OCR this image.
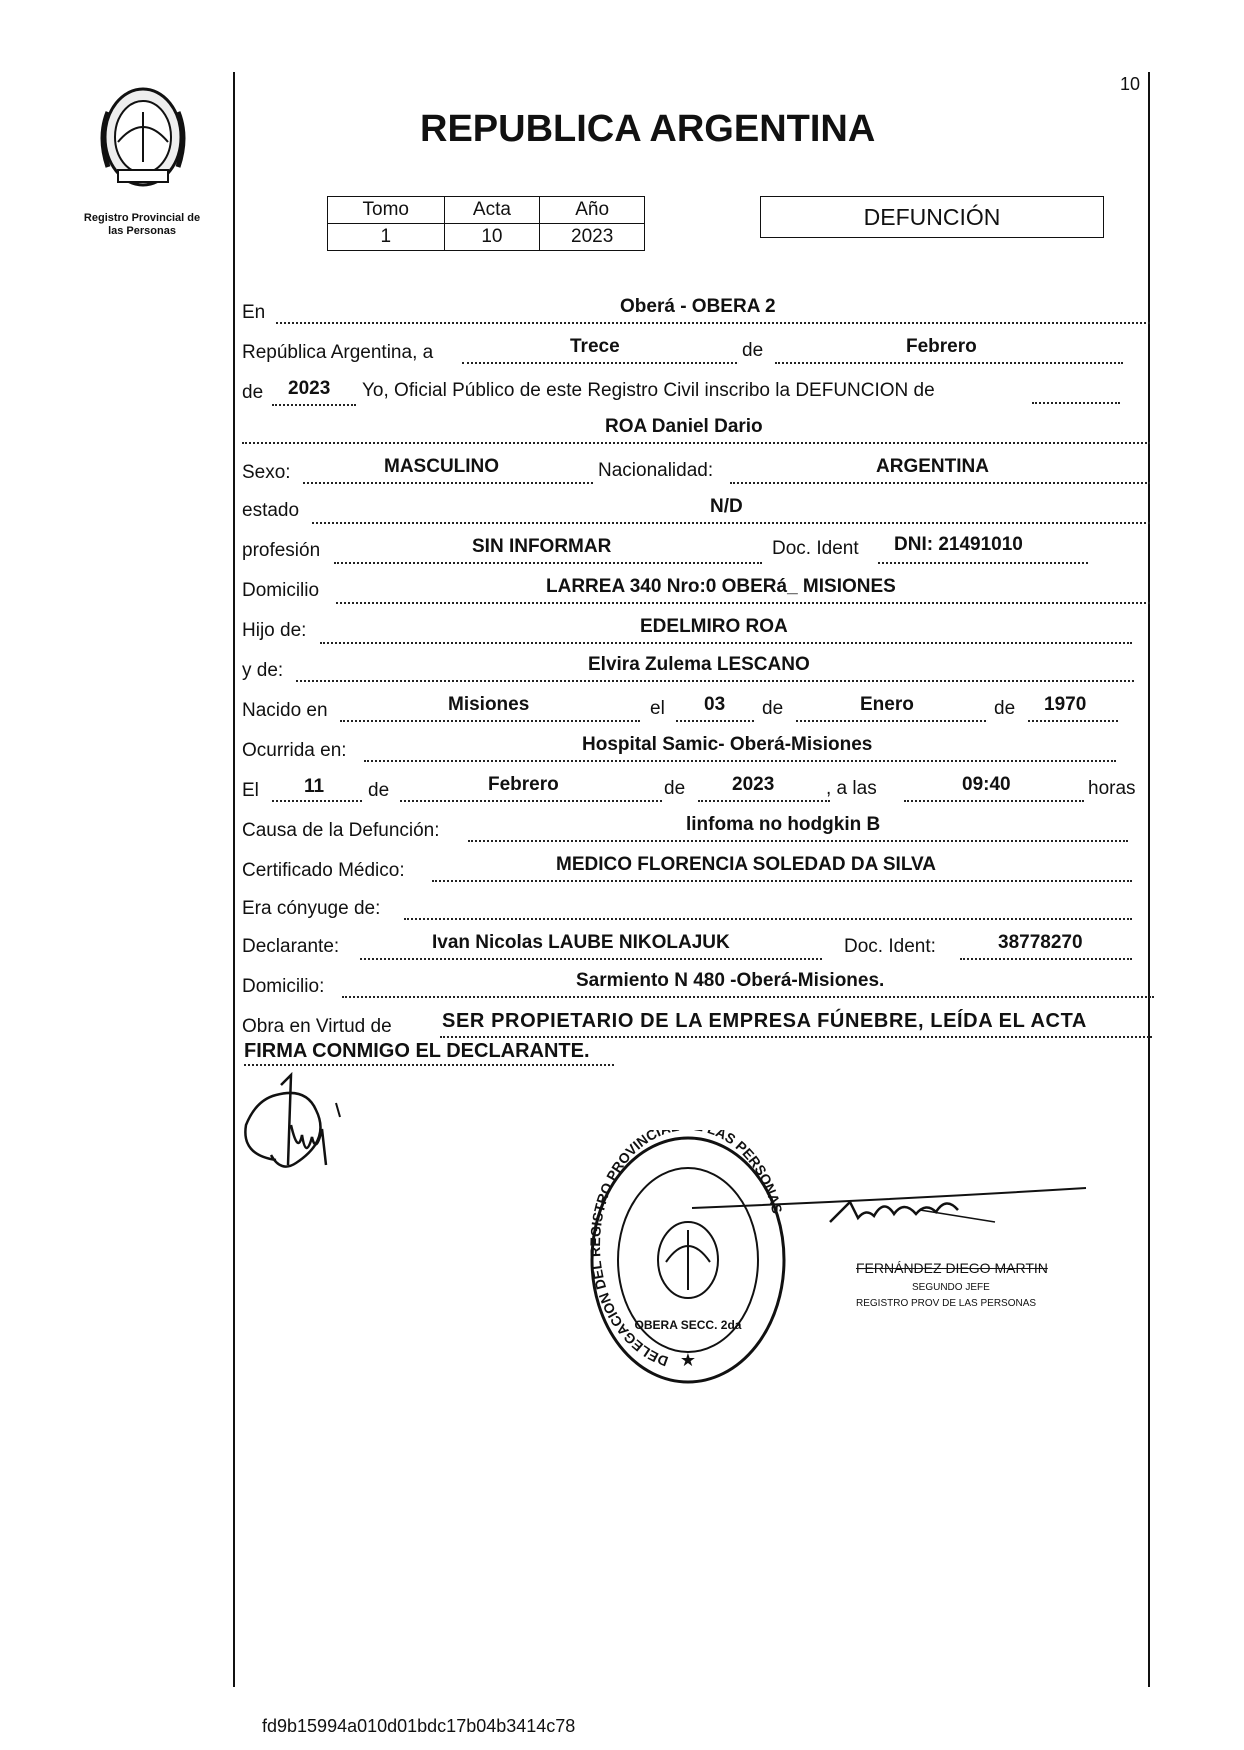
Registro Provincial de
las Personas
10
REPUBLICA ARGENTINA
Tomo	Acta	Año
1	10	2023
DEFUNCIÓN
En	Oberá - OBERA 2
República Argentina, a	Trece	de	Febrero
de 2023 Yo, Oficial Público de este Registro Civil inscribo la DEFUNCION de
ROA Daniel Dario
Sexo:	MASCULINO	Nacionalidad:	ARGENTINA
estado	N/D
profesión	SIN INFORMAR	Doc. Ident DNI: 21491010
Domicilio	LARREA 340 Nro:0 OBERá_ MISIONES
Hijo de:	EDELMIRO ROA
y de:	Elvira Zulema LESCANO
Nacido en	Misiones	el 03 de	Enero	de 1970
Ocurrida en:	Hospital Samic- Oberá-Misiones
El 11 de	Febrero	de 2023	, a las	09:40	horas
Causa de la Defunción:	linfoma no hodgkin B
Certificado Médico:	MEDICO FLORENCIA SOLEDAD DA SILVA
Era cónyuge de:
Declarante:	Ivan Nicolas LAUBE NIKOLAJUK	Doc. Ident:	38778270
Domicilio:	Sarmiento N 480 -Oberá-Misiones.
Obra en Virtud de	SER PROPIETARIO DE LA EMPRESA FÚNEBRE, LEÍDA EL ACTA
FIRMA CONMIGO EL DECLARANTE.
DELEGACION DEL REGISTRO PROVINCI AS PERSONAS
★
OBERA SECC. 2da
FERNÁNDEZ DIEGO MARTIN
SEGUNDO JEFE
REGISTRO PROV DE LAS PERSONAS
fd9b15994a010d01bdc17b04b3414c78
